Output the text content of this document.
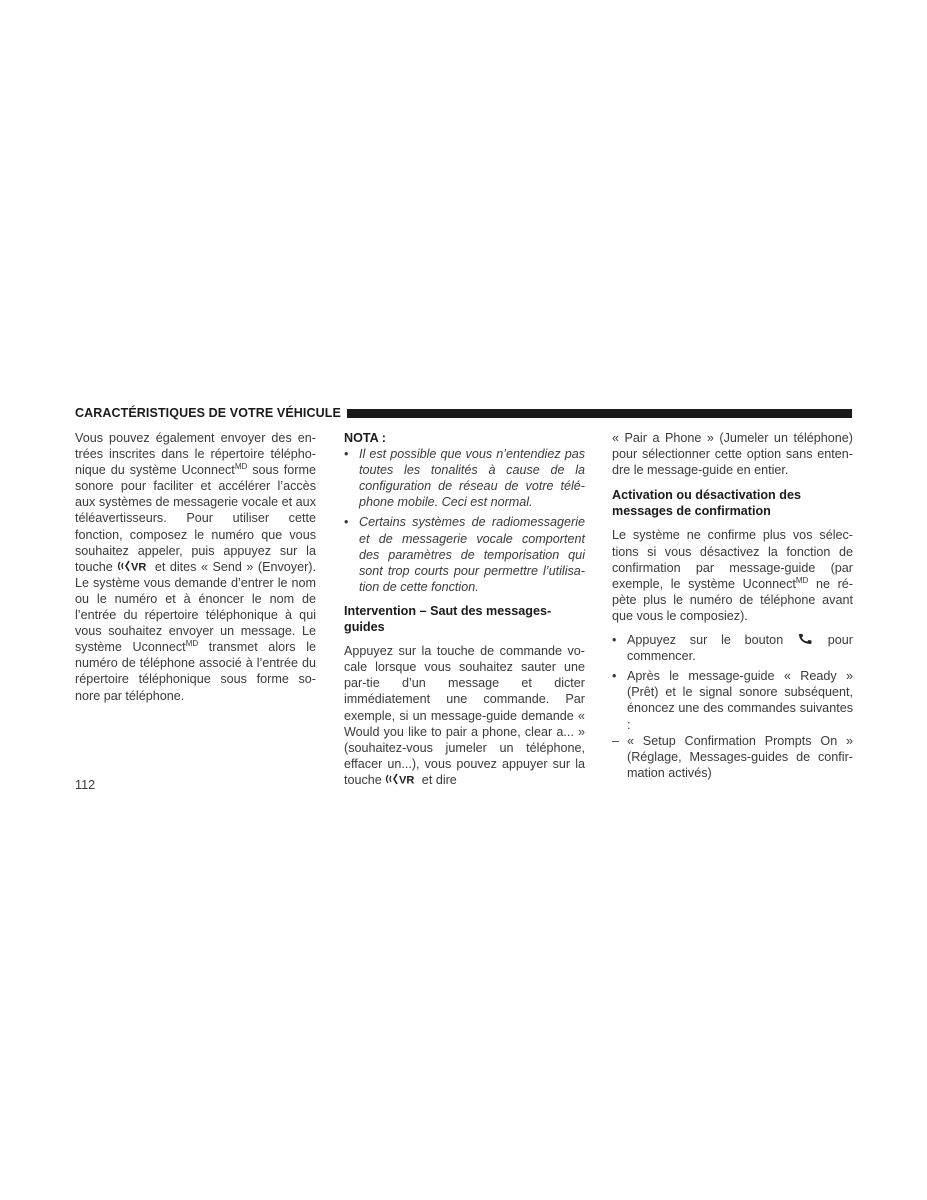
CARACTÉRISTIQUES DE VOTRE VÉHICULE

Vous pouvez également envoyer des en-trées inscrites dans le répertoire télépho-nique du système Uconnect$^{MD}$ sous forme sonore pour faciliter et accélérer l’accès aux systèmes de messagerie vocale et aux téléavertisseurs. Pour utiliser cette fonction, composez le numéro que vous souhaitez appeler, puis appuyez sur la touche VR et dites « Send » (Envoyer). Le système vous demande d’entrer le nom ou le numéro et à énoncer le nom de l’entrée du répertoire téléphonique à qui vous souhaitez envoyer un message. Le système Uconnect$^{MD}$ transmet alors le numéro de téléphone associé à l’entrée du répertoire téléphonique sous forme so-nore par téléphone.

NOTA :
• Il est possible que vous n’entendiez pas toutes les tonalités à cause de la configuration de réseau de votre télé-phone mobile. Ceci est normal.
• Certains systèmes de radiomessagerie et de messagerie vocale comportent des paramètres de temporisation qui sont trop courts pour permettre l’utilisa-tion de cette fonction.
Intervention – Saut des messages-guides

Appuyez sur la touche de commande vo-cale lorsque vous souhaitez sauter une par-tie d’un message et dicter immédiatement une commande. Par exemple, si un message-guide demande « Would you like to pair a phone, clear a... » (souhaitez-vous jumeler un téléphone, effacer un...), vous pouvez appuyer sur la touche VR et dire

« Pair a Phone » (Jumeler un téléphone) pour sélectionner cette option sans enten-dre le message-guide en entier.

Activation ou désactivation des messages de confirmation

Le système ne confirme plus vos sélec-tions si vous désactivez la fonction de confirmation par message-guide (par exemple, le système Uconnect$^{MD}$ ne ré-pète plus le numéro de téléphone avant que vous le composiez).

• Appuyez sur le bouton  pour commencer.
• Après le message-guide « Ready » (Prêt) et le signal sonore subséquent, énoncez une des commandes suivantes :
– « Setup Confirmation Prompts On » (Réglage, Messages-guides de confir-mation activés)
112
